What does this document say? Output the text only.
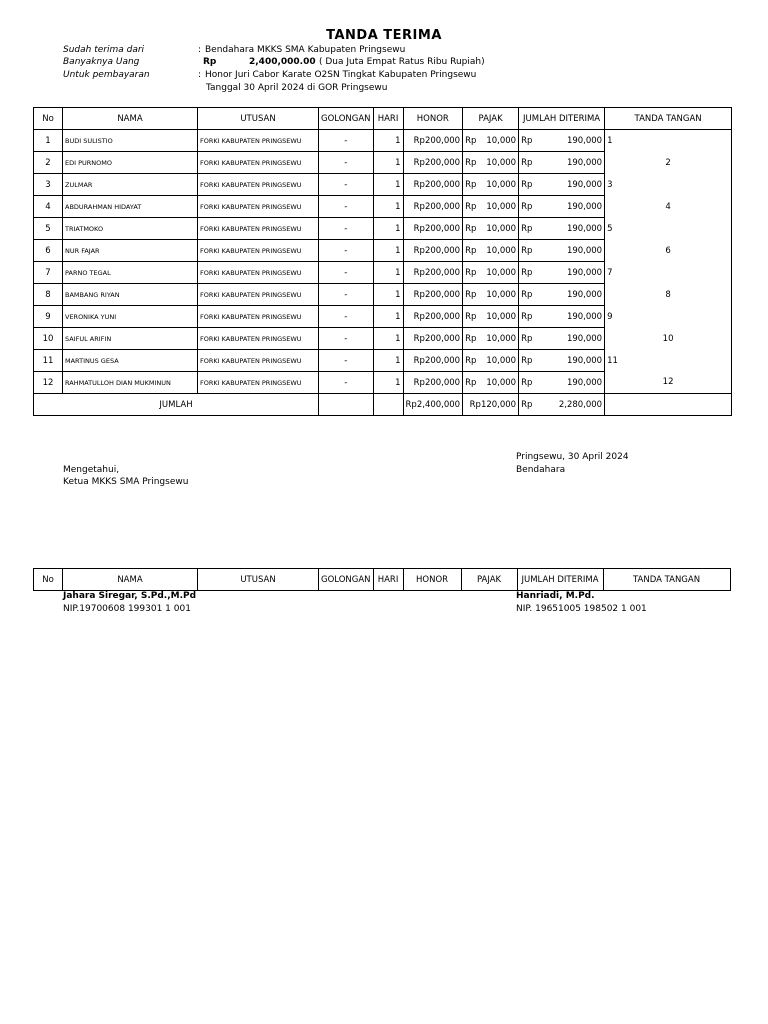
TANDA TERIMA
Sudah terima dari	: Bendahara MKKS SMA Kabupaten Pringsewu
Banyaknya Uang	Rp	2,400,000.00 ( Dua Juta Empat Ratus Ribu Rupiah)
Untuk pembayaran	: Honor Juri Cabor Karate O2SN Tingkat Kabupaten Pringsewu
Tanggal 30 April 2024 di GOR Pringsewu
No	NAMA	UTUSAN	GOLONGAN	HARI	HONOR	PAJAK	JUMLAH DITERIMA	TANDA TANGAN
1	BUDI SULISTIO	FORKI KABUPATEN PRINGSEWU	-	1	Rp200,000	Rp 10,000	Rp 190,000	1
2	EDI PURNOMO	FORKI KABUPATEN PRINGSEWU	-	1	Rp200,000	Rp 10,000	Rp 190,000	2
3	ZULMAR	FORKI KABUPATEN PRINGSEWU	-	1	Rp200,000	Rp 10,000	Rp 190,000	3
4	ABDURAHMAN HIDAYAT	FORKI KABUPATEN PRINGSEWU	-	1	Rp200,000	Rp 10,000	Rp 190,000	4
5	TRIATMOKO	FORKI KABUPATEN PRINGSEWU	-	1	Rp200,000	Rp 10,000	Rp 190,000	5
6	NUR FAJAR	FORKI KABUPATEN PRINGSEWU	-	1	Rp200,000	Rp 10,000	Rp 190,000	6
7	PARNO TEGAL	FORKI KABUPATEN PRINGSEWU	-	1	Rp200,000	Rp 10,000	Rp 190,000	7
8	BAMBANG RIYAN	FORKI KABUPATEN PRINGSEWU	-	1	Rp200,000	Rp 10,000	Rp 190,000	8
9	VERONIKA YUNI	FORKI KABUPATEN PRINGSEWU	-	1	Rp200,000	Rp 10,000	Rp 190,000	9
10	SAIFUL ARIFIN	FORKI KABUPATEN PRINGSEWU	-	1	Rp200,000	Rp 10,000	Rp 190,000	10
11	MARTINUS GESA	FORKI KABUPATEN PRINGSEWU	-	1	Rp200,000	Rp 10,000	Rp 190,000	11
12	RAHMATULLOH DIAN MUKMINUN	FORKI KABUPATEN PRINGSEWU	-	1	Rp200,000	Rp 10,000	Rp 190,000	12
JUMLAH					Rp2,400,000	Rp120,000	Rp 2,280,000	

Pringsewu, 30 April 2024
Bendahara
Mengetahui,
Ketua MKKS SMA Pringsewu
No	NAMA	UTUSAN	GOLONGAN	HARI	HONOR	PAJAK	JUMLAH DITERIMA	TANDA TANGAN
Jahara Siregar, S.Pd.,M.Pd
NIP.19700608 199301 1 001
Hanriadi, M.Pd.
NIP. 19651005 198502 1 001
